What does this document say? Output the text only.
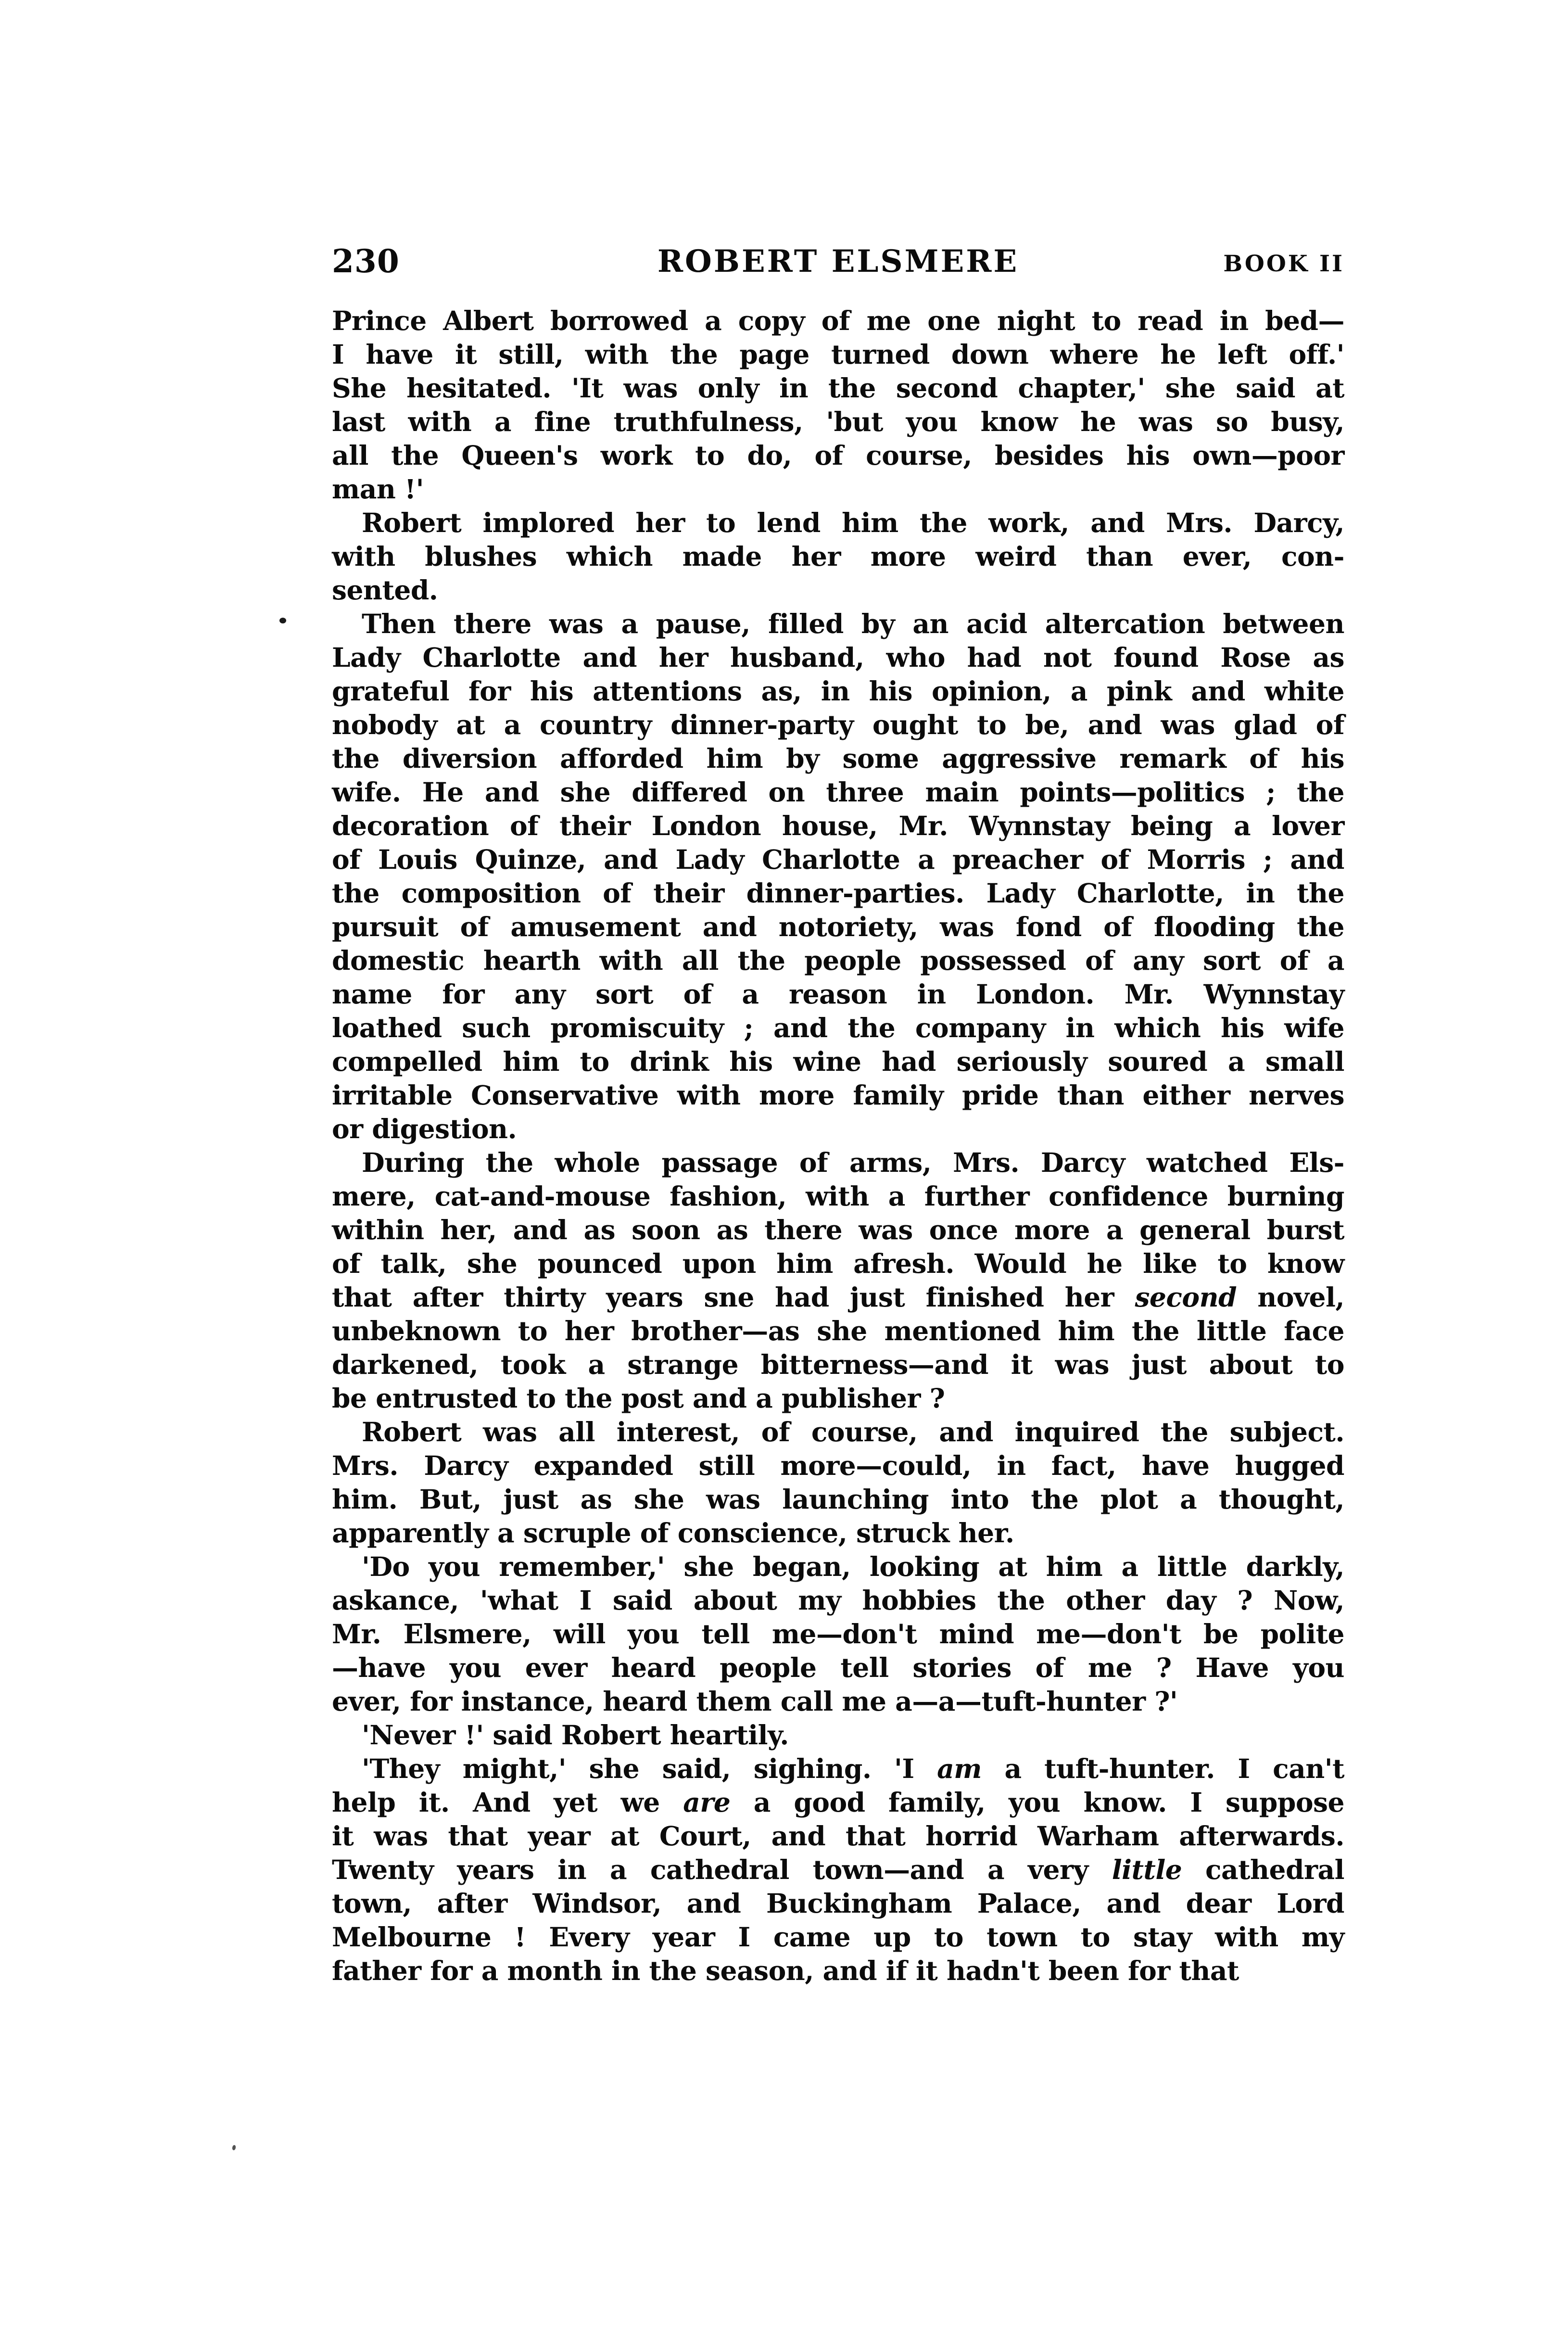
230	ROBERT ELSMERE	BOOK II
Prince Albert borrowed a copy of me one night to read in bed—
I have it still, with the page turned down where he left off.'
She hesitated. 'It was only in the second chapter,' she said at
last with a fine truthfulness, 'but you know he was so busy,
all the Queen's work to do, of course, besides his own—poor
man !'
Robert implored her to lend him the work, and Mrs. Darcy,
with blushes which made her more weird than ever, con-
sented.
Then there was a pause, filled by an acid altercation between
Lady Charlotte and her husband, who had not found Rose as
grateful for his attentions as, in his opinion, a pink and white
nobody at a country dinner-party ought to be, and was glad of
the diversion afforded him by some aggressive remark of his
wife. He and she differed on three main points—politics ; the
decoration of their London house, Mr. Wynnstay being a lover
of Louis Quinze, and Lady Charlotte a preacher of Morris ; and
the composition of their dinner-parties. Lady Charlotte, in the
pursuit of amusement and notoriety, was fond of flooding the
domestic hearth with all the people possessed of any sort of a
name for any sort of a reason in London. Mr. Wynnstay
loathed such promiscuity ; and the company in which his wife
compelled him to drink his wine had seriously soured a small
irritable Conservative with more family pride than either nerves
or digestion.
During the whole passage of arms, Mrs. Darcy watched Els-
mere, cat-and-mouse fashion, with a further confidence burning
within her, and as soon as there was once more a general burst
of talk, she pounced upon him afresh. Would he like to know
that after thirty years sne had just finished her second novel,
unbeknown to her brother—as she mentioned him the little face
darkened, took a strange bitterness—and it was just about to
be entrusted to the post and a publisher ?
Robert was all interest, of course, and inquired the subject.
Mrs. Darcy expanded still more—could, in fact, have hugged
him. But, just as she was launching into the plot a thought,
apparently a scruple of conscience, struck her.
'Do you remember,' she began, looking at him a little darkly,
askance, 'what I said about my hobbies the other day ? Now,
Mr. Elsmere, will you tell me—don't mind me—don't be polite
—have you ever heard people tell stories of me ? Have you
ever, for instance, heard them call me a—a—tuft-hunter ?'
'Never !' said Robert heartily.
'They might,' she said, sighing. 'I am a tuft-hunter. I can't
help it. And yet we are a good family, you know. I suppose
it was that year at Court, and that horrid Warham afterwards.
Twenty years in a cathedral town—and a very little cathedral
town, after Windsor, and Buckingham Palace, and dear Lord
Melbourne ! Every year I came up to town to stay with my
father for a month in the season, and if it hadn't been for that
